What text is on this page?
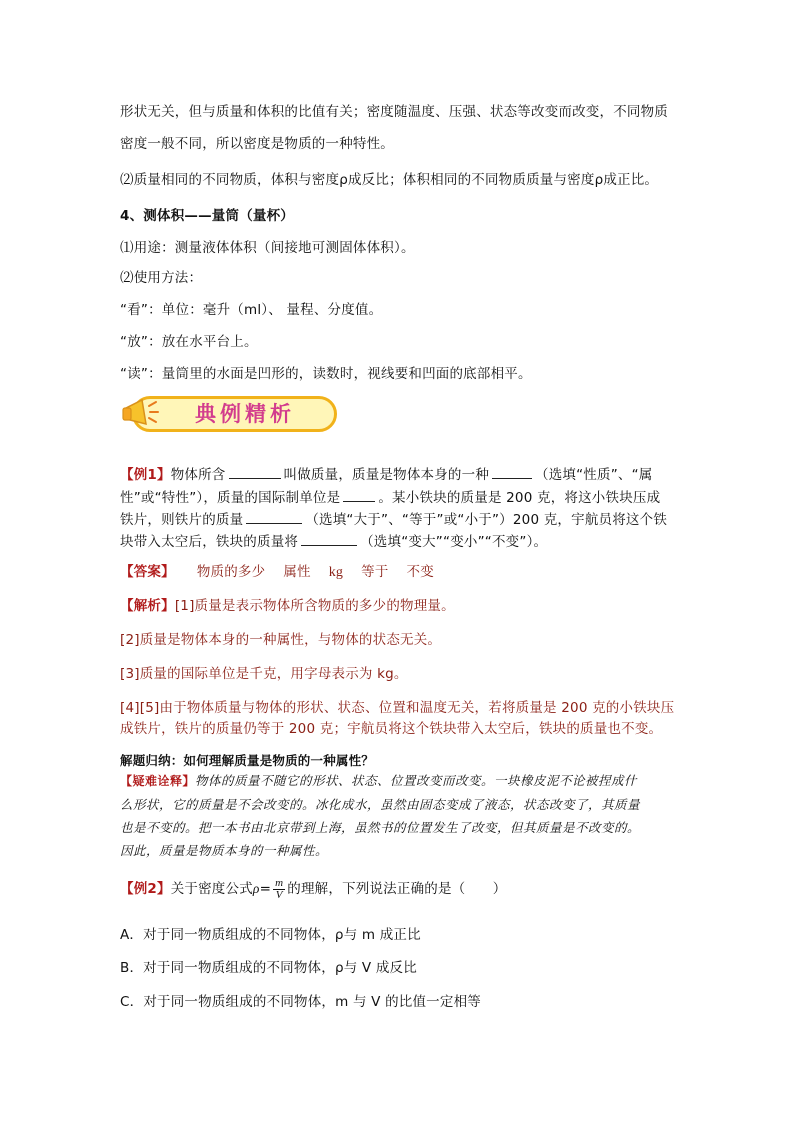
形状无关，但与质量和体积的比值有关；密度随温度、压强、状态等改变而改变，不同物质
密度一般不同，所以密度是物质的一种特性。
⑵质量相同的不同物质，体积与密度ρ成反比；体积相同的不同物质质量与密度ρ成正比。
4、测体积——量筒（量杯）
⑴用途：测量液体体积（间接地可测固体体积）。
⑵使用方法：
“看”：单位：毫升（ml）、 量程、分度值。
“放”：放在水平台上。
“读”：量筒里的水面是凹形的，读数时，视线要和凹面的底部相平。
典例精析
【例1】物体所含	叫做质量，质量是物体本身的一种	（选填“性质”、“属
性”或“特性”），质量的国际制单位是	。某小铁块的质量是 200 克，将这小铁块压成
铁片，则铁片的质量	（选填“大于”、“等于”或“小于”）200 克，宇航员将这个铁
块带入太空后，铁块的质量将	（选填“变大”“变小”“不变”）。
【答案】 物质的多少 属性 kg 等于 不变
【解析】[1]质量是表示物体所含物质的多少的物理量。
[2]质量是物体本身的一种属性，与物体的状态无关。
[3]质量的国际单位是千克，用字母表示为 kg。
[4][5]由于物体质量与物体的形状、状态、位置和温度无关，若将质量是 200 克的小铁块压
成铁片，铁片的质量仍等于 200 克；宇航员将这个铁块带入太空后，铁块的质量也不变。
解题归纳：如何理解质量是物质的一种属性？
【疑难诠释】物体的质量不随它的形状、状态、位置改变而改变。一块橡皮泥不论被捏成什
么形状，它的质量是不会改变的。冰化成水，虽然由固态变成了液态，状态改变了，其质量
也是不变的。把一本书由北京带到上海，虽然书的位置发生了改变，但其质量是不改变的。
因此，质量是物质本身的一种属性。
【例2】关于密度公式$\rho= \frac{m}{V}$ 的理解，下列说法正确的是（　　）
A．对于同一物质组成的不同物体，ρ与 m 成正比
B．对于同一物质组成的不同物体，ρ与 V 成反比
C．对于同一物质组成的不同物体，m 与 V 的比值一定相等
